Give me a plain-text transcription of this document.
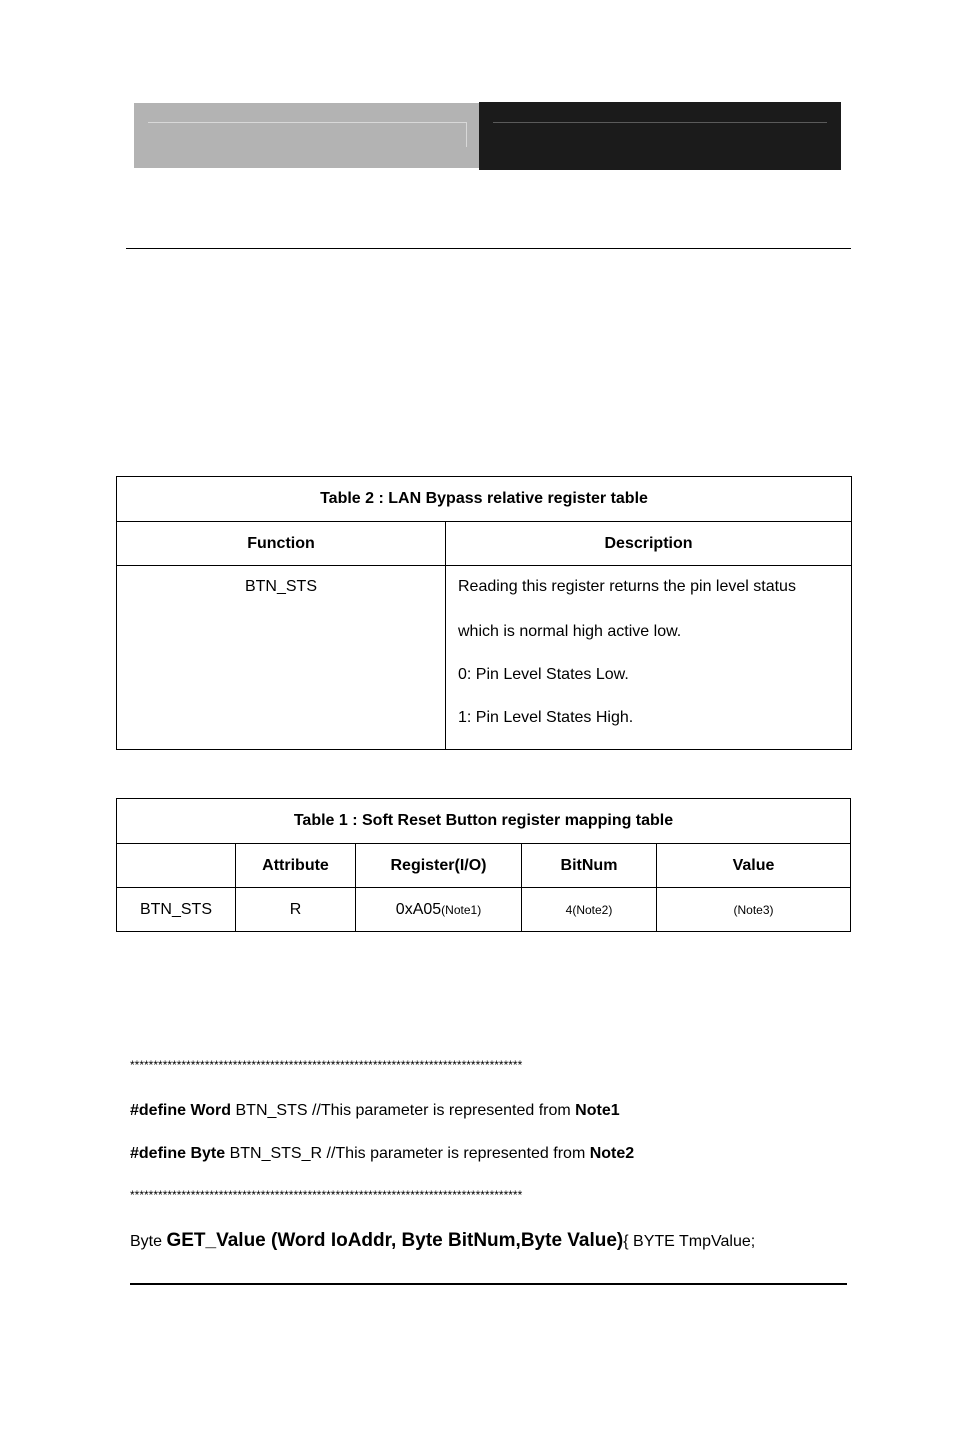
Table 2 : LAN Bypass relative register table	
Function	Description
BTN_STS	Reading this register returns the pin level status
which is normal high active low.
0: Pin Level States Low.
1: Pin Level States High.
Table 1 : Soft Reset Button register mapping table				
	Attribute	Register(I/O)	BitNum	Value
BTN_STS	R	0xA05(Note1)	4(Note2)	(Note3)
************************************************************************************
#define Word BTN_STS //This parameter is represented from Note1
#define Byte BTN_STS_R //This parameter is represented from Note2
************************************************************************************
Byte GET_Value (Word IoAddr, Byte BitNum,Byte Value){ BYTE TmpValue;
